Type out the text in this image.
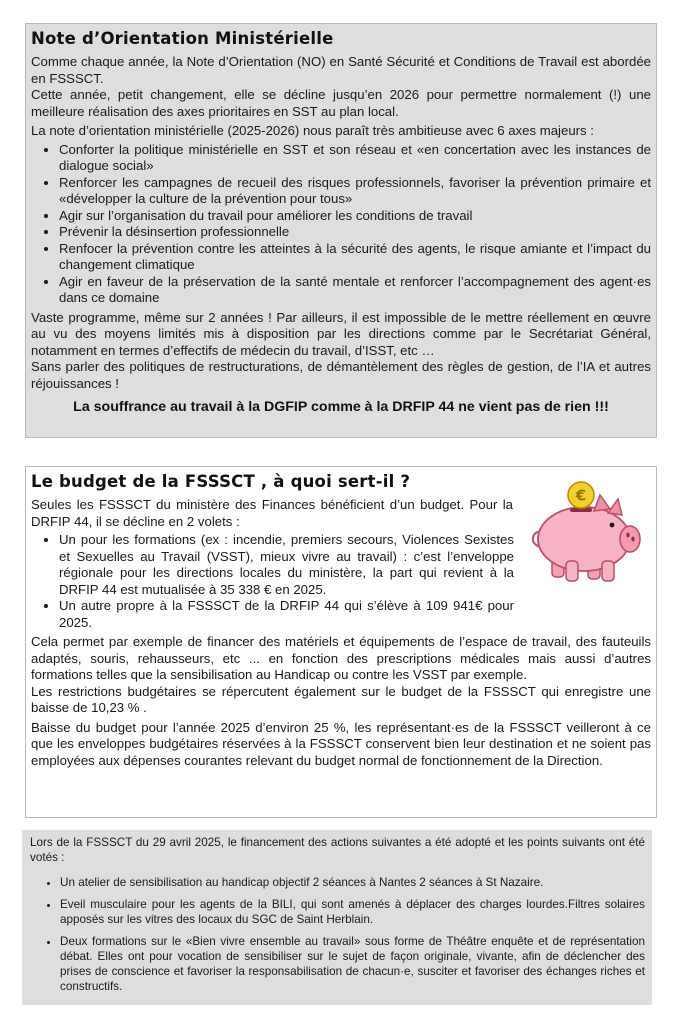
Note d’Orientation Ministérielle

Comme chaque année, la Note d’Orientation (NO) en Santé Sécurité et Conditions de Travail est abordée en FSSSCT.

Cette année, petit changement, elle se décline jusqu’en 2026 pour permettre normalement (!) une meilleure réalisation des axes prioritaires en SST au plan local.

La note d’orientation ministérielle (2025-2026) nous paraît très ambitieuse avec 6 axes majeurs :

• Conforter la politique ministérielle en SST et son réseau et «en concertation avec les instances de dialogue social»
• Renforcer les campagnes de recueil des risques professionnels, favoriser la prévention primaire et «développer la culture de la prévention pour tous»
• Agir sur l’organisation du travail pour améliorer les conditions de travail
• Prévenir la désinsertion professionnelle
• Renfocer la prévention contre les atteintes à la sécurité des agents, le risque amiante et l’impact du changement climatique
• Agir en faveur de la préservation de la santé mentale et renforcer l’accompagnement des agent·es dans ce domaine

Vaste programme, même sur 2 années ! Par ailleurs, il est impossible de le mettre réellement en œuvre au vu des moyens limités mis à disposition par les directions comme par le Secrétariat Général, notamment en termes d’effectifs de médecin du travail, d’ISST, etc …

Sans parler des politiques de restructurations, de démantèlement des règles de gestion, de l’IA et autres réjouissances !

La souffrance au travail à la DGFIP comme à la DRFIP 44 ne vient pas de rien !!!
Le budget de la FSSSCT , à quoi sert-il ?
€

Seules les FSSSCT du ministère des Finances bénéficient d’un budget. Pour la DRFIP 44, il se décline en 2 volets :

• Un pour les formations (ex : incendie, premiers secours, Violences Sexistes et Sexuelles au Travail (VSST), mieux vivre au travail) : c’est l’enveloppe régionale pour les directions locales du ministère, la part qui revient à la DRFIP 44 est mutualisée à 35 338 € en 2025.
• Un autre propre à la FSSSCT de la DRFIP 44 qui s’élève à 109 941€ pour 2025.

Cela permet par exemple de financer des matériels et équipements de l’espace de travail, des fauteuils adaptés, souris, rehausseurs, etc ... en fonction des prescriptions médicales mais aussi d’autres formations telles que la sensibilisation au Handicap ou contre les VSST par exemple.

Les restrictions budgétaires se répercutent également sur le budget de la FSSSCT qui enregistre une baisse de 10,23 % .

Baisse du budget pour l’année 2025 d’environ 25 %, les représentant·es de la FSSSCT veilleront à ce que les enveloppes budgétaires réservées à la FSSSCT conservent bien leur destination et ne soient pas employées aux dépenses courantes relevant du budget normal de fonctionnement de la Direction.

Lors de la FSSSCT du 29 avril 2025, le financement des actions suivantes a été adopté et les points suivants ont été votés :

• Un atelier de sensibilisation au handicap objectif 2 séances à Nantes 2 séances à St Nazaire.
• Eveil musculaire pour les agents de la BILI, qui sont amenés à déplacer des charges lourdes.Filtres solaires apposés sur les vitres des locaux du SGC de Saint Herblain.
• Deux formations sur le «Bien vivre ensemble au travail» sous forme de Théâtre enquête et de représentation débat. Elles ont pour vocation de sensibiliser sur le sujet de façon originale, vivante, afin de déclencher des prises de conscience et favoriser la responsabilisation de chacun·e, susciter et favoriser des échanges riches et constructifs.
